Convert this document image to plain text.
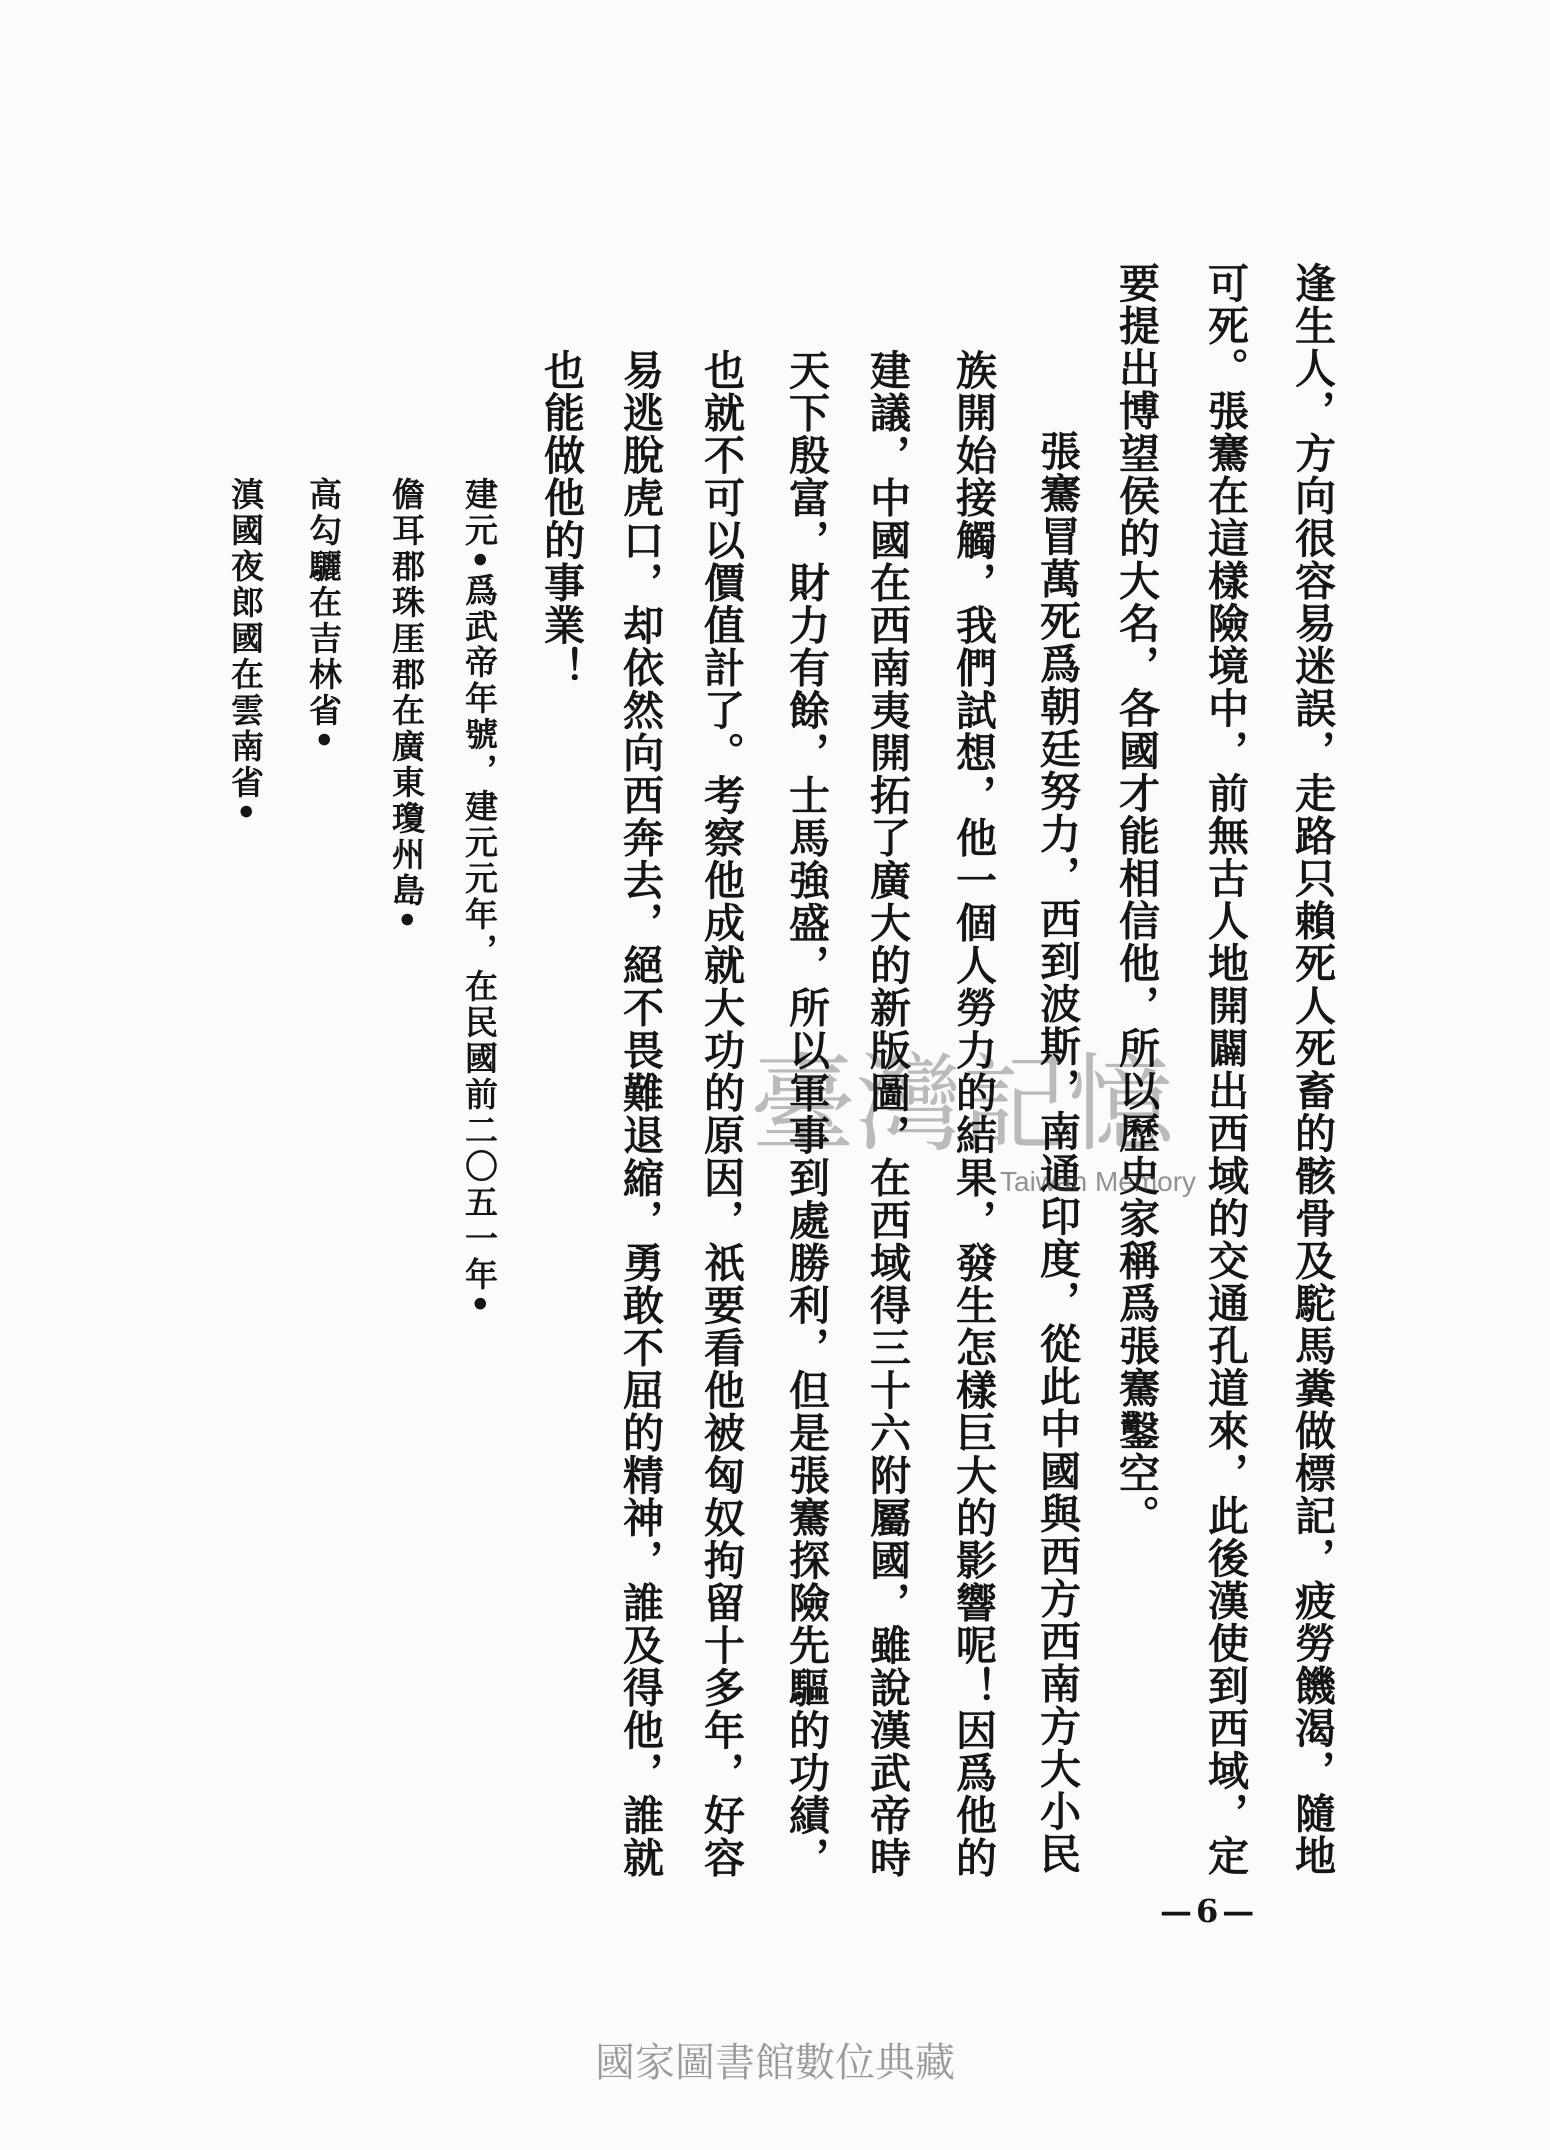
逢生人，方向很容易迷誤，走路只賴死人死畜的骸骨及駝馬糞做標記，疲勞饑渴，隨地
可死。張騫在這樣險境中，前無古人地開闢出西域的交通孔道來，此後漢使到西域，定
要提出博望侯的大名，各國才能相信他，所以歷史家稱爲張騫鑿空。
張騫冒萬死爲朝廷努力，西到波斯，南通印度，從此中國與西方西南方大小民
族開始接觸，我們試想，他一個人勞力的結果，發生怎樣巨大的影響呢！因爲他的
建議，中國在西南夷開拓了廣大的新版圖，在西域得三十六附屬國，雖說漢武帝時
天下殷富，財力有餘，士馬強盛，所以軍事到處勝利，但是張騫探險先驅的功績，
也就不可以價值計了。考察他成就大功的原因，祇要看他被匈奴拘留十多年，好容
易逃脫虎口，却依然向西奔去，絕不畏難退縮，勇敢不屈的精神，誰及得他，誰就
也能做他的事業！
建元•爲武帝年號，建元元年，在民國前二〇五一年•
儋耳郡珠厓郡在廣東瓊州島•
高勾驪在吉林省•
滇國夜郎國在雲南省•
—6—
臺灣記憶
Taiwan Memory
國家圖書館數位典藏
